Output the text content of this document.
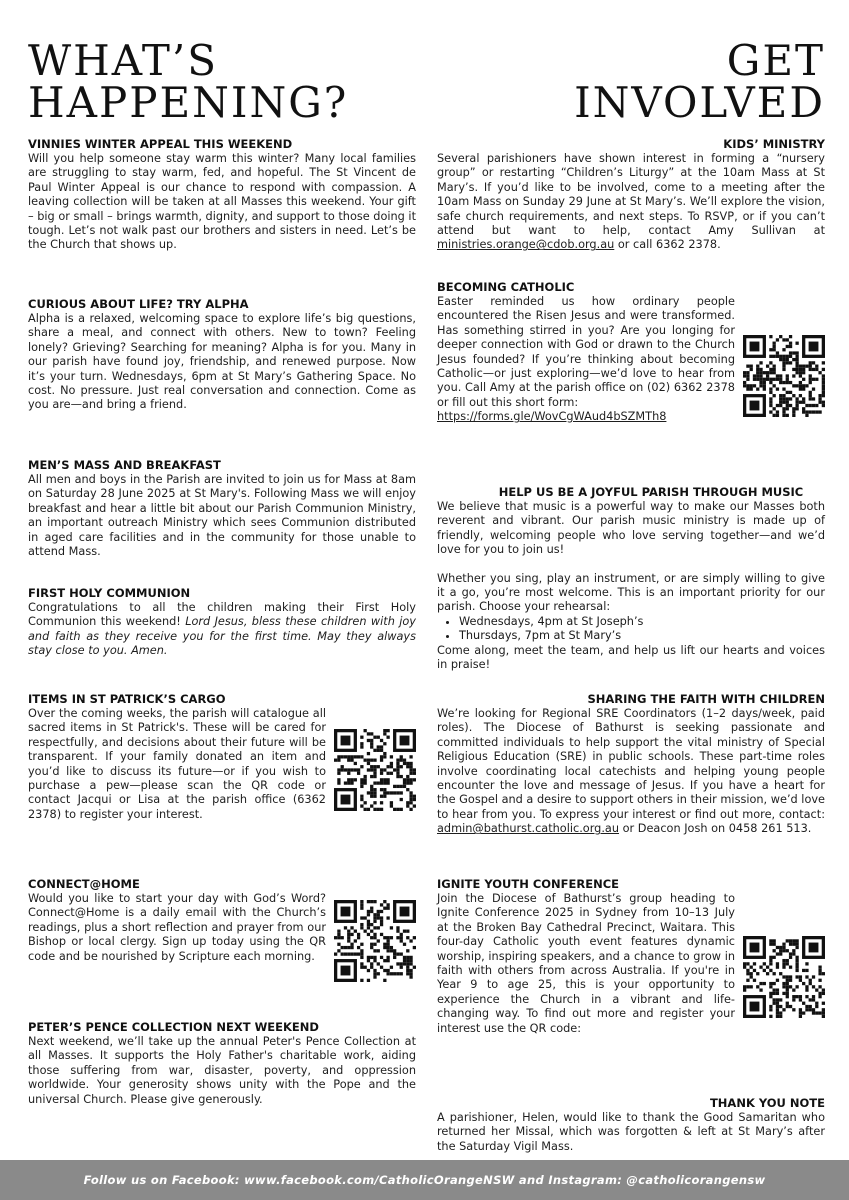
WHAT’S
HAPPENING?
GET
INVOLVED
VINNIES WINTER APPEAL THIS WEEKEND

Will you help someone stay warm this winter? Many local families are struggling to stay warm, fed, and hopeful. The St Vincent de Paul Winter Appeal is our chance to respond with compassion. A leaving collection will be taken at all Masses this weekend. Your gift – big or small – brings warmth, dignity, and support to those doing it tough. Let’s not walk past our brothers and sisters in need. Let’s be the Church that shows up.

CURIOUS ABOUT LIFE? TRY ALPHA

Alpha is a relaxed, welcoming space to explore life’s big questions, share a meal, and connect with others. New to town? Feeling lonely? Grieving? Searching for meaning? Alpha is for you. Many in our parish have found joy, friendship, and renewed purpose. Now it’s your turn. Wednesdays, 6pm at St Mary’s Gathering Space. No cost. No pressure. Just real conversation and connection. Come as you are—and bring a friend.

MEN’S MASS AND BREAKFAST

All men and boys in the Parish are invited to join us for Mass at 8am on Saturday 28 June 2025 at St Mary's. Following Mass we will enjoy breakfast and hear a little bit about our Parish Communion Ministry, an important outreach Ministry which sees Communion distributed in aged care facilities and in the community for those unable to attend Mass.

FIRST HOLY COMMUNION

Congratulations to all the children making their First Holy Communion this weekend! Lord Jesus, bless these children with joy and faith as they receive you for the first time. May they always stay close to you. Amen.

ITEMS IN ST PATRICK’S CARGO

Over the coming weeks, the parish will catalogue all sacred items in St Patrick's. These will be cared for respectfully, and decisions about their future will be transparent. If your family donated an item and you’d like to discuss its future—or if you wish to purchase a pew—please scan the QR code or contact Jacqui or Lisa at the parish office (6362 2378) to register your interest.

CONNECT@HOME

Would you like to start your day with God’s Word? Connect@Home is a daily email with the Church’s readings, plus a short reflection and prayer from our Bishop or local clergy. Sign up today using the QR code and be nourished by Scripture each morning.

PETER’S PENCE COLLECTION NEXT WEEKEND

Next weekend, we’ll take up the annual Peter's Pence Collection at all Masses. It supports the Holy Father's charitable work, aiding those suffering from war, disaster, poverty, and oppression worldwide. Your generosity shows unity with the Pope and the universal Church. Please give generously.

KIDS’ MINISTRY

Several parishioners have shown interest in forming a “nursery group” or restarting “Children’s Liturgy” at the 10am Mass at St Mary’s. If you’d like to be involved, come to a meeting after the 10am Mass on Sunday 29 June at St Mary’s. We’ll explore the vision, safe church requirements, and next steps. To RSVP, or if you can’t attend but want to help, contact Amy Sullivan at ministries.orange@cdob.org.au or call 6362 2378.

BECOMING CATHOLIC

Easter reminded us how ordinary people encountered the Risen Jesus and were transformed. Has something stirred in you? Are you longing for deeper connection with God or drawn to the Church Jesus founded? If you’re thinking about becoming Catholic—or just exploring—we’d love to hear from you. Call Amy at the parish office on (02) 6362 2378 or fill out this short form:

https://forms.gle/WovCgWAud4bSZMTh8

HELP US BE A JOYFUL PARISH THROUGH MUSIC

We believe that music is a powerful way to make our Masses both reverent and vibrant. Our parish music ministry is made up of friendly, welcoming people who love serving together—and we’d love for you to join us!

Whether you sing, play an instrument, or are simply willing to give it a go, you’re most welcome. This is an important priority for our parish. Choose your rehearsal:

• Wednesdays, 4pm at St Joseph’s
• Thursdays, 7pm at St Mary’s

Come along, meet the team, and help us lift our hearts and voices in praise!

SHARING THE FAITH WITH CHILDREN

We’re looking for Regional SRE Coordinators (1–2 days/week, paid roles). The Diocese of Bathurst is seeking passionate and committed individuals to help support the vital ministry of Special Religious Education (SRE) in public schools. These part-time roles involve coordinating local catechists and helping young people encounter the love and message of Jesus. If you have a heart for the Gospel and a desire to support others in their mission, we’d love to hear from you. To express your interest or find out more, contact: admin@bathurst.catholic.org.au or Deacon Josh on 0458 261 513.

IGNITE YOUTH CONFERENCE

Join the Diocese of Bathurst’s group heading to Ignite Conference 2025 in Sydney from 10–13 July at the Broken Bay Cathedral Precinct, Waitara. This four-day Catholic youth event features dynamic worship, inspiring speakers, and a chance to grow in faith with others from across Australia. If you're in Year 9 to age 25, this is your opportunity to experience the Church in a vibrant and life-changing way. To find out more and register your interest use the QR code:

THANK YOU NOTE

A parishioner, Helen, would like to thank the Good Samaritan who returned her Missal, which was forgotten & left at St Mary’s after the Saturday Vigil Mass.

Follow us on Facebook: www.facebook.com/CatholicOrangeNSW and Instagram: @catholicorangensw
